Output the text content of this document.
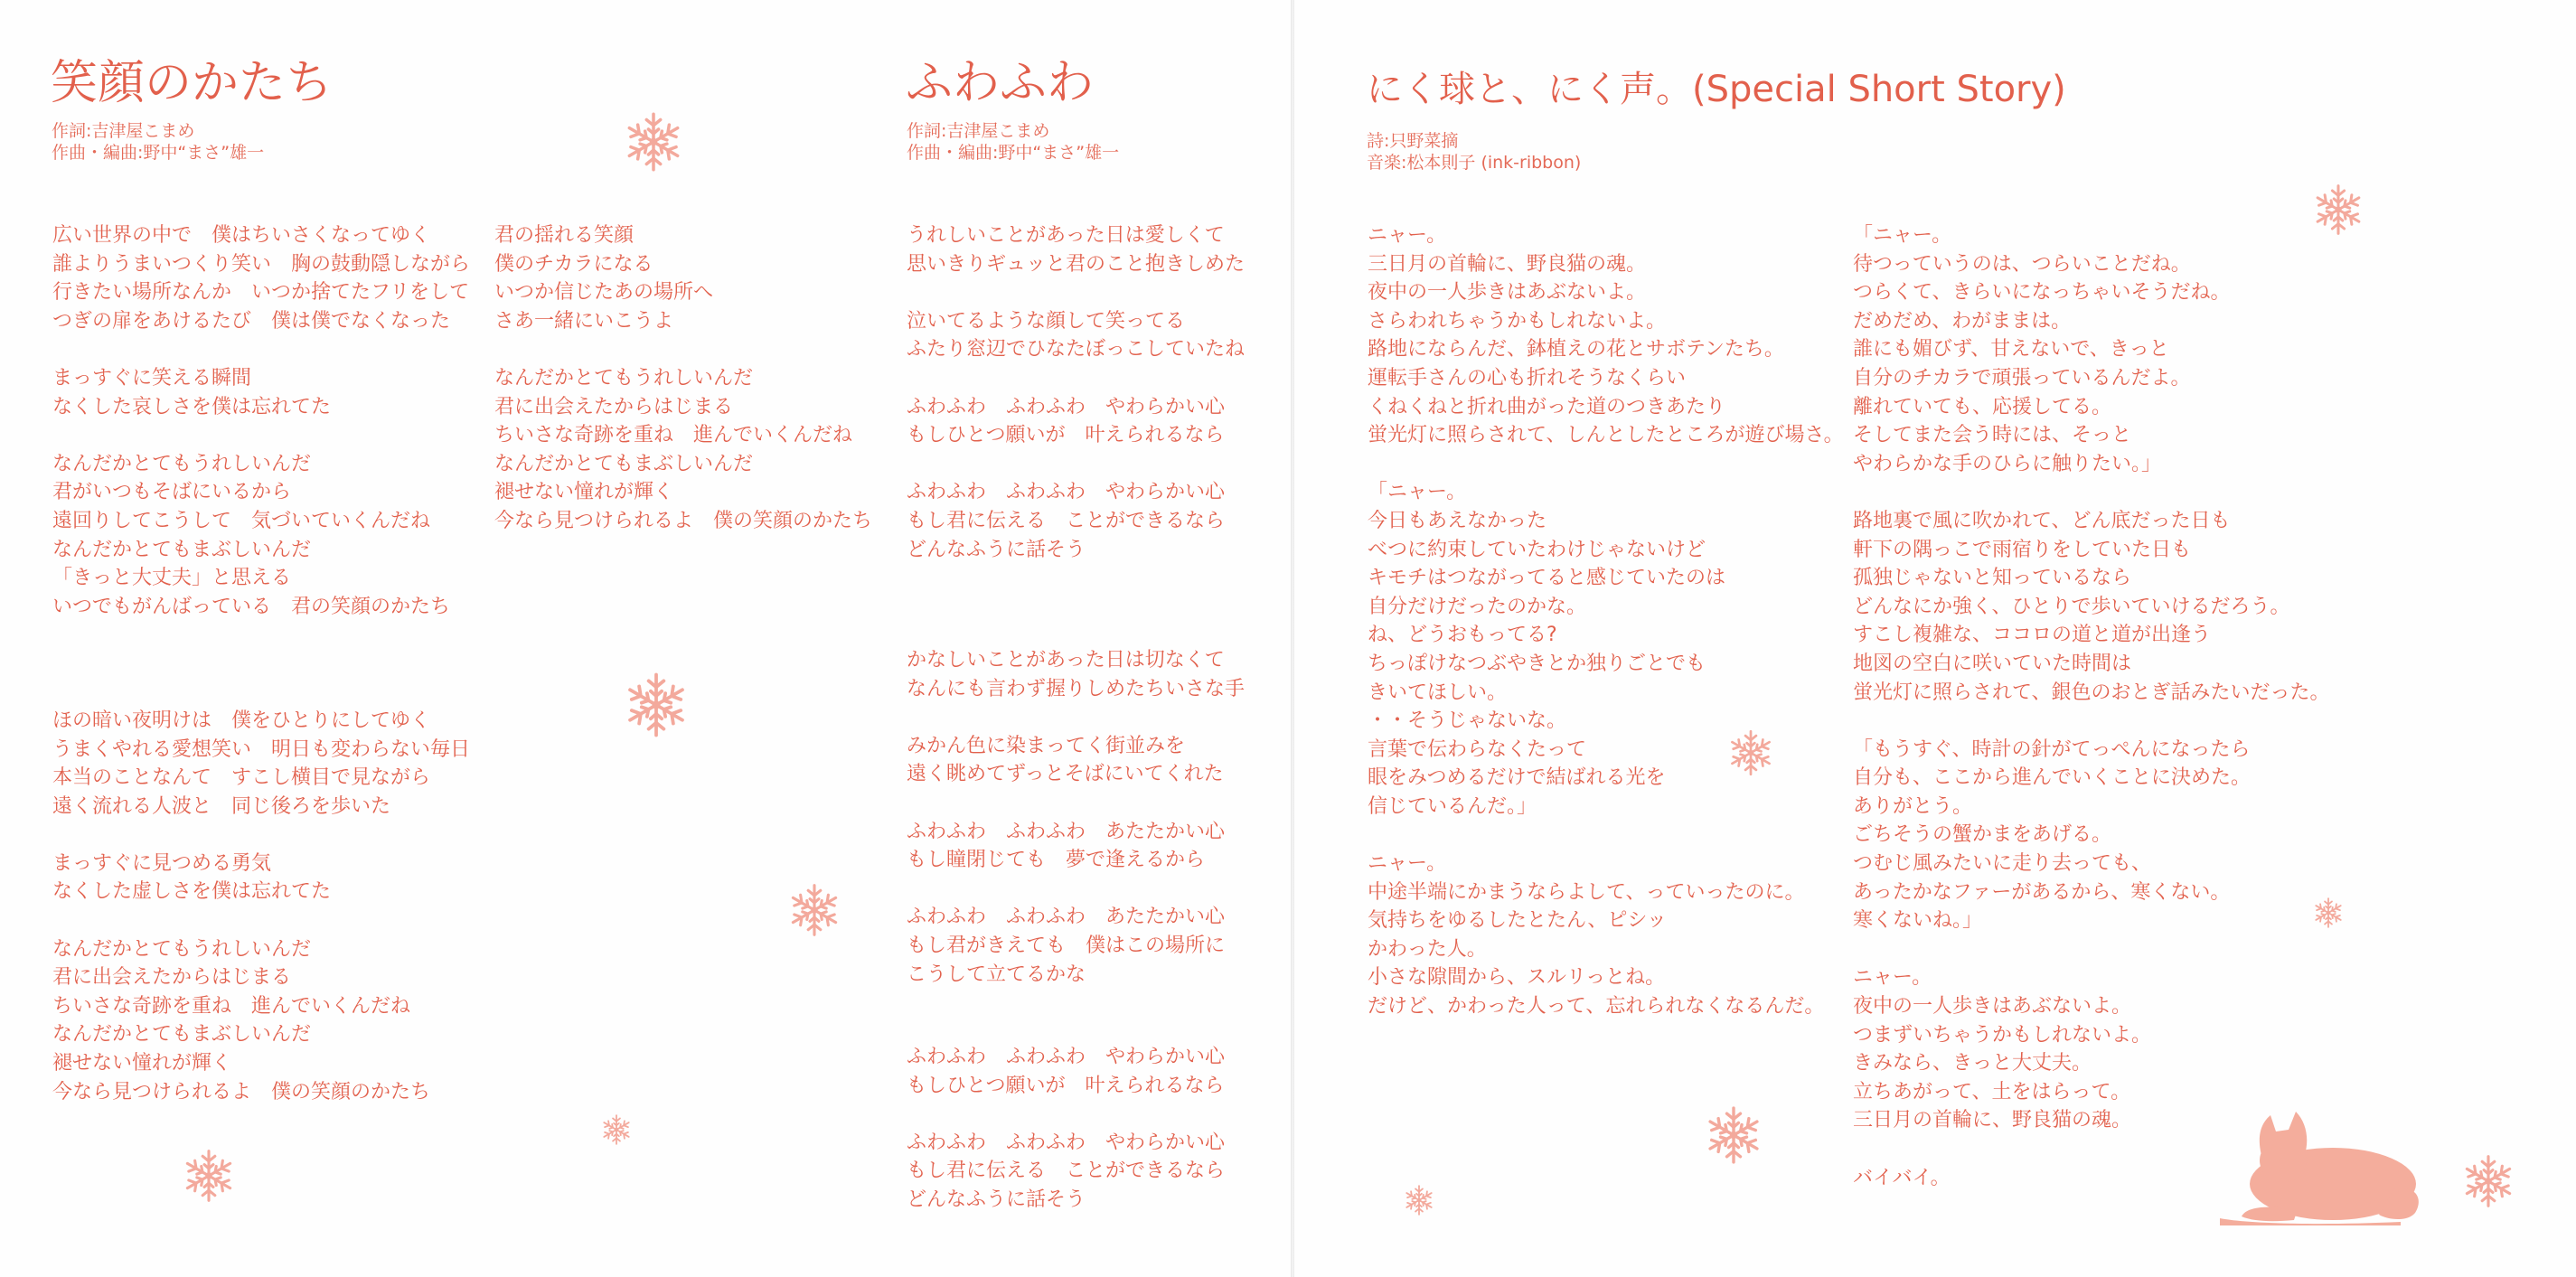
笑顔のかたち
作詞:吉津屋こまめ
作曲・編曲:野中“まさ”雄一
広い世界の中で　僕はちいさくなってゆく
誰よりうまいつくり笑い　胸の鼓動隠しながら
行きたい場所なんか　いつか捨てたフリをして
つぎの扉をあけるたび　僕は僕でなくなった
まっすぐに笑える瞬間
なくした哀しさを僕は忘れてた
なんだかとてもうれしいんだ
君がいつもそばにいるから
遠回りしてこうして　気づいていくんだね
なんだかとてもまぶしいんだ
「きっと大丈夫」と思える
いつでもがんばっている　君の笑顔のかたち
ほの暗い夜明けは　僕をひとりにしてゆく
うまくやれる愛想笑い　明日も変わらない毎日
本当のことなんて　すこし横目で見ながら
遠く流れる人波と　同じ後ろを歩いた
まっすぐに見つめる勇気
なくした虚しさを僕は忘れてた
なんだかとてもうれしいんだ
君に出会えたからはじまる
ちいさな奇跡を重ね　進んでいくんだね
なんだかとてもまぶしいんだ
褪せない憧れが輝く
今なら見つけられるよ　僕の笑顔のかたち
君の揺れる笑顔
僕のチカラになる
いつか信じたあの場所へ
さあ一緒にいこうよ
なんだかとてもうれしいんだ
君に出会えたからはじまる
ちいさな奇跡を重ね　進んでいくんだね
なんだかとてもまぶしいんだ
褪せない憧れが輝く
今なら見つけられるよ　僕の笑顔のかたち
ふわふわ
作詞:吉津屋こまめ
作曲・編曲:野中“まさ”雄一
うれしいことがあった日は愛しくて
思いきりギュッと君のこと抱きしめた
泣いてるような顔して笑ってる
ふたり窓辺でひなたぼっこしていたね
ふわふわ　ふわふわ　やわらかい心
もしひとつ願いが　叶えられるなら
ふわふわ　ふわふわ　やわらかい心
もし君に伝える　ことができるなら
どんなふうに話そう
かなしいことがあった日は切なくて
なんにも言わず握りしめたちいさな手
みかん色に染まってく街並みを
遠く眺めてずっとそばにいてくれた
ふわふわ　ふわふわ　あたたかい心
もし瞳閉じても　夢で逢えるから
ふわふわ　ふわふわ　あたたかい心
もし君がきえても　僕はこの場所に
こうして立てるかな
ふわふわ　ふわふわ　やわらかい心
もしひとつ願いが　叶えられるなら
ふわふわ　ふわふわ　やわらかい心
もし君に伝える　ことができるなら
どんなふうに話そう
にく球と、にく声。(Special Short Story)
詩:只野菜摘
音楽:松本則子 (ink-ribbon)
ニャー。
三日月の首輪に、野良猫の魂。
夜中の一人歩きはあぶないよ。
さらわれちゃうかもしれないよ。
路地にならんだ、鉢植えの花とサボテンたち。
運転手さんの心も折れそうなくらい
くねくねと折れ曲がった道のつきあたり
蛍光灯に照らされて、しんとしたところが遊び場さ。
「ニャー。
今日もあえなかった
べつに約束していたわけじゃないけど
キモチはつながってると感じていたのは
自分だけだったのかな。
ね、どうおもってる?
ちっぽけなつぶやきとか独りごとでも
きいてほしい。
・・そうじゃないな。
言葉で伝わらなくたって
眼をみつめるだけで結ばれる光を
信じているんだ。」
ニャー。
中途半端にかまうならよして、っていったのに。
気持ちをゆるしたとたん、ピシッ
かわった人。
小さな隙間から、スルリっとね。
だけど、かわった人って、忘れられなくなるんだ。
「ニャー。
待つっていうのは、つらいことだね。
つらくて、きらいになっちゃいそうだね。
だめだめ、わがままは。
誰にも媚びず、甘えないで、きっと
自分のチカラで頑張っているんだよ。
離れていても、応援してる。
そしてまた会う時には、そっと
やわらかな手のひらに触りたい。」
路地裏で風に吹かれて、どん底だった日も
軒下の隅っこで雨宿りをしていた日も
孤独じゃないと知っているなら
どんなにか強く、ひとりで歩いていけるだろう。
すこし複雑な、ココロの道と道が出逢う
地図の空白に咲いていた時間は
蛍光灯に照らされて、銀色のおとぎ話みたいだった。
「もうすぐ、時計の針がてっぺんになったら
自分も、ここから進んでいくことに決めた。
ありがとう。
ごちそうの蟹かまをあげる。
つむじ風みたいに走り去っても、
あったかなファーがあるから、寒くない。
寒くないね。」
ニャー。
夜中の一人歩きはあぶないよ。
つまずいちゃうかもしれないよ。
きみなら、きっと大丈夫。
立ちあがって、土をはらって。
三日月の首輪に、野良猫の魂。
バイバイ。
